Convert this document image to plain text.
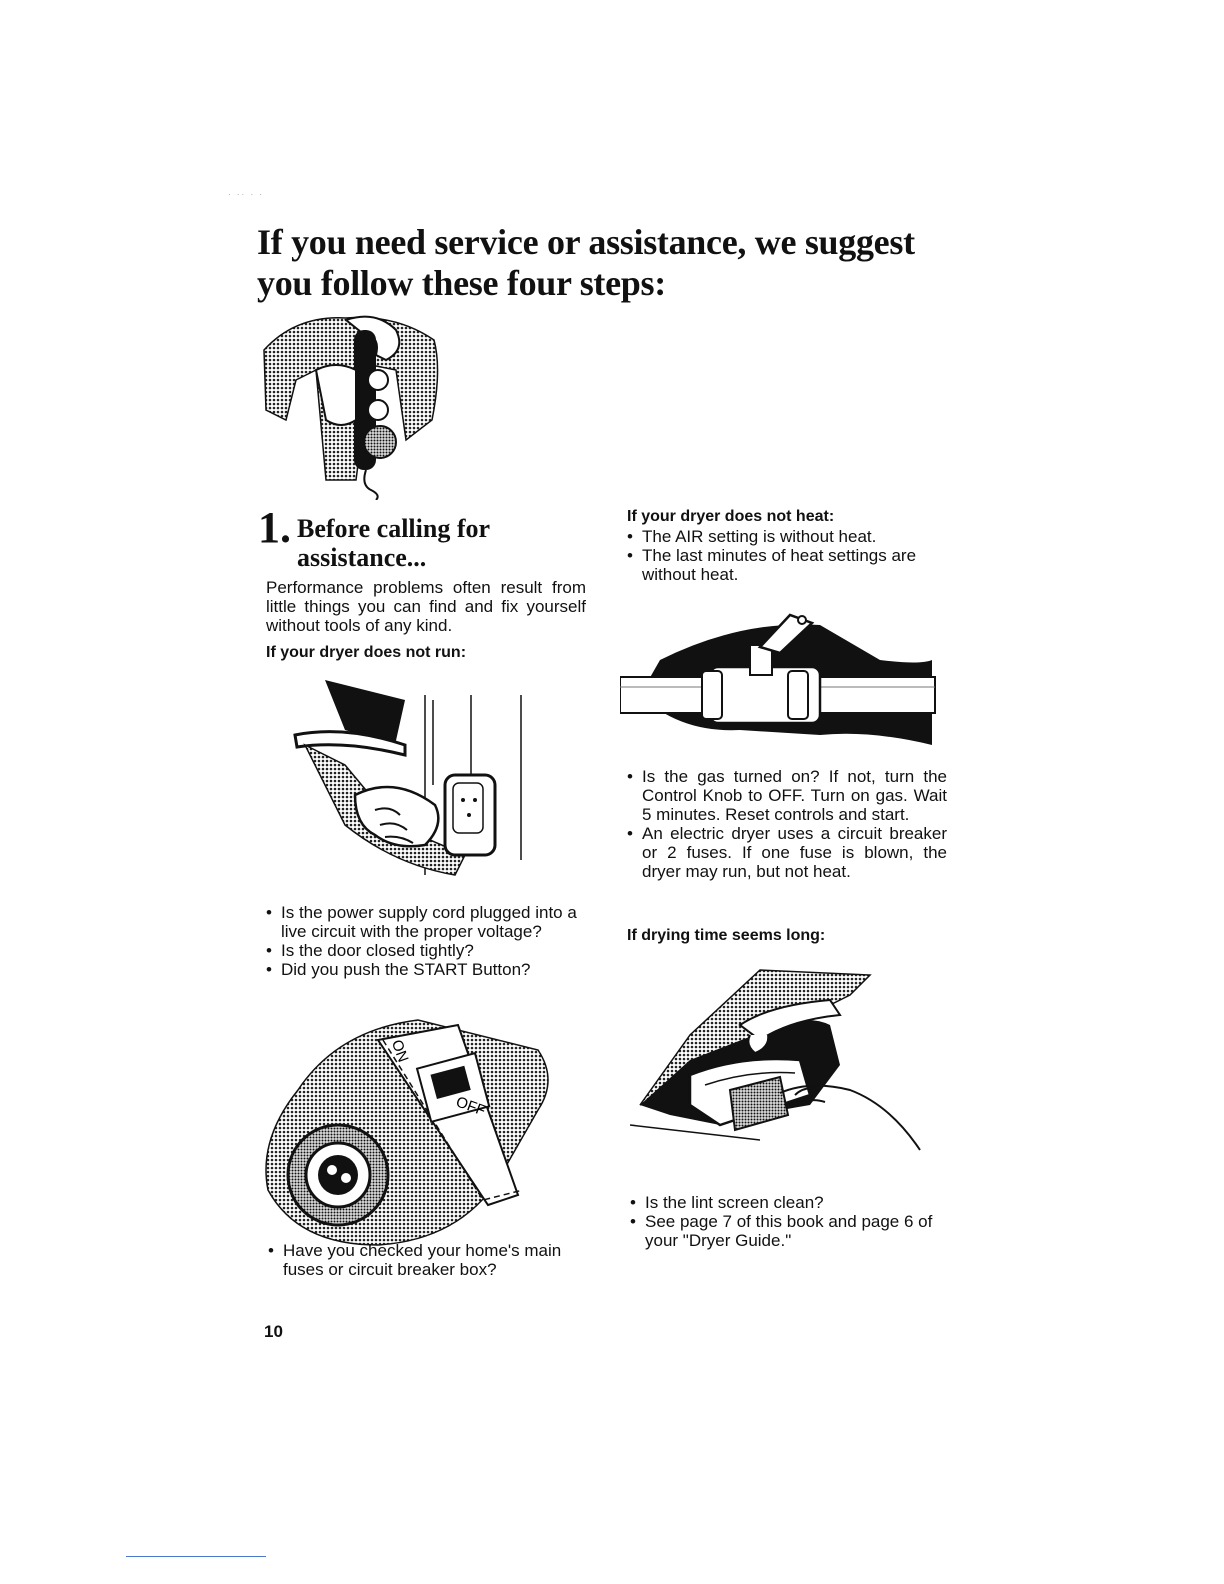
· ·· · ·
If you need service or assistance, we suggest you follow these four steps:
1. Before calling for assistance...

Performance problems often result from little things you can find and fix yourself without tools of any kind.

If your dryer does not run:

• Is the power supply cord plugged into a live circuit with the proper voltage?
• Is the door closed tightly?
• Did you push the START Button?
ON
OFF
• Have you checked your home's main fuses or circuit breaker box?

If your dryer does not heat:

• The AIR setting is without heat.
• The last minutes of heat settings are without heat.
• Is the gas turned on? If not, turn the Control Knob to OFF. Turn on gas. Wait 5 minutes. Reset controls and start.
• An electric dryer uses a circuit breaker or 2 fuses. If one fuse is blown, the dryer may run, but not heat.

If drying time seems long:

• Is the lint screen clean?
• See page 7 of this book and page 6 of your "Dryer Guide."
10
